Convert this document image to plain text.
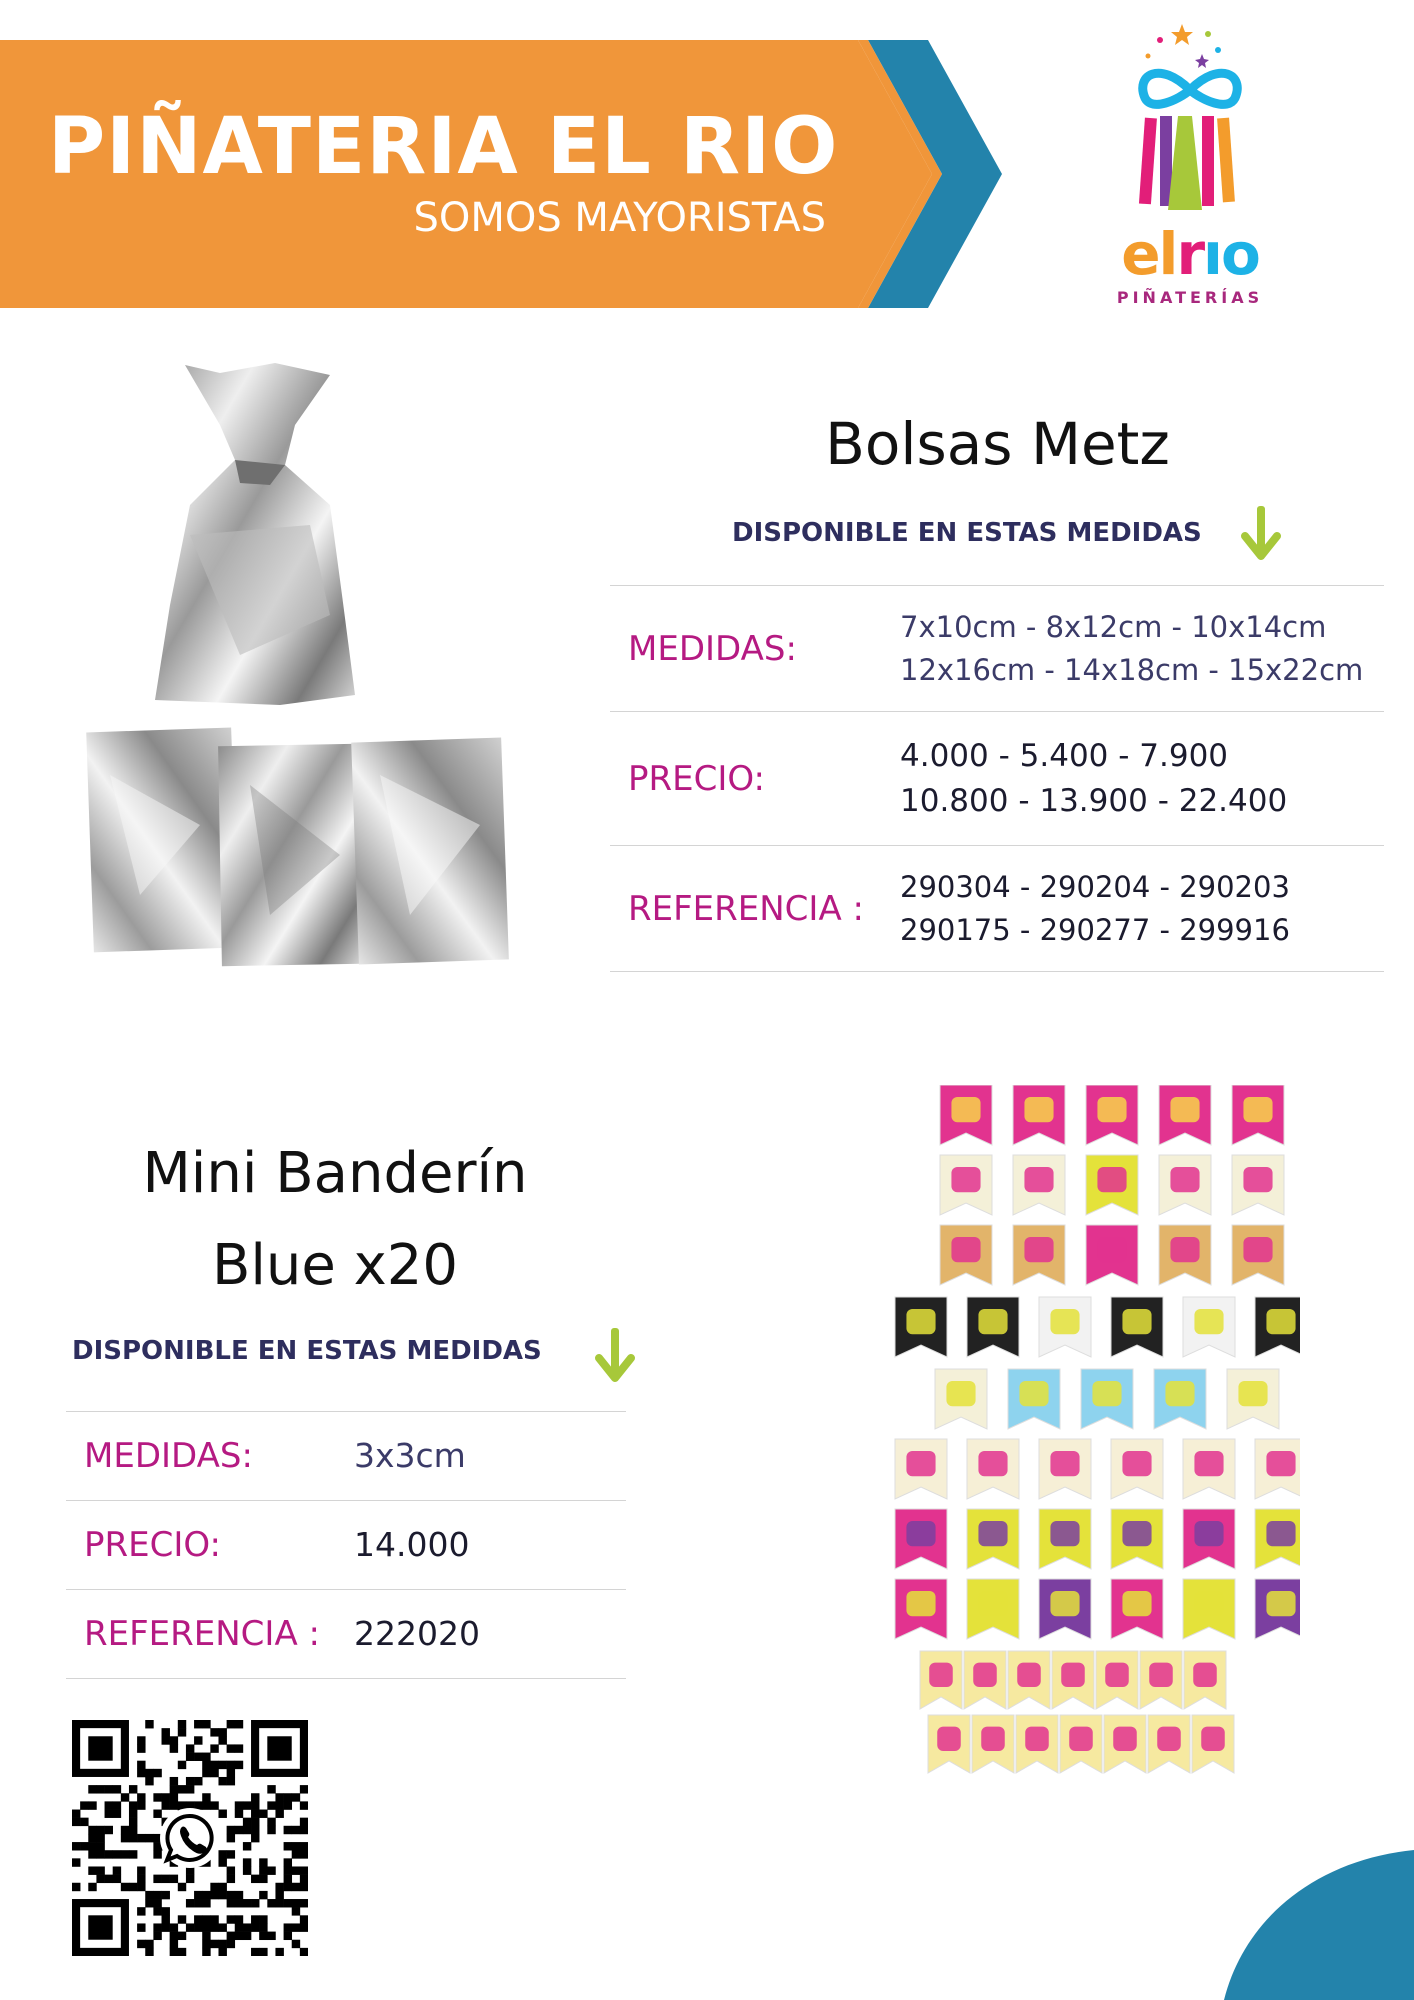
PIÑATERIA EL RIO
SOMOS MAYORISTAS
elrıo
PIÑATERÍAS
Bolsas Metz
DISPONIBLE EN ESTAS MEDIDAS
MEDIDAS:	7x10cm - 8x12cm - 10x14cm
12x16cm - 14x18cm - 15x22cm

PRECIO:	4.000 - 5.400 - 7.900
10.800 - 13.900 - 22.400

REFERENCIA :	290304 - 290204 - 290203
290175 - 290277 - 299916
Mini Banderín
Blue x20
DISPONIBLE EN ESTAS MEDIDAS
MEDIDAS:	3x3cm
PRECIO:	14.000
REFERENCIA :	222020
